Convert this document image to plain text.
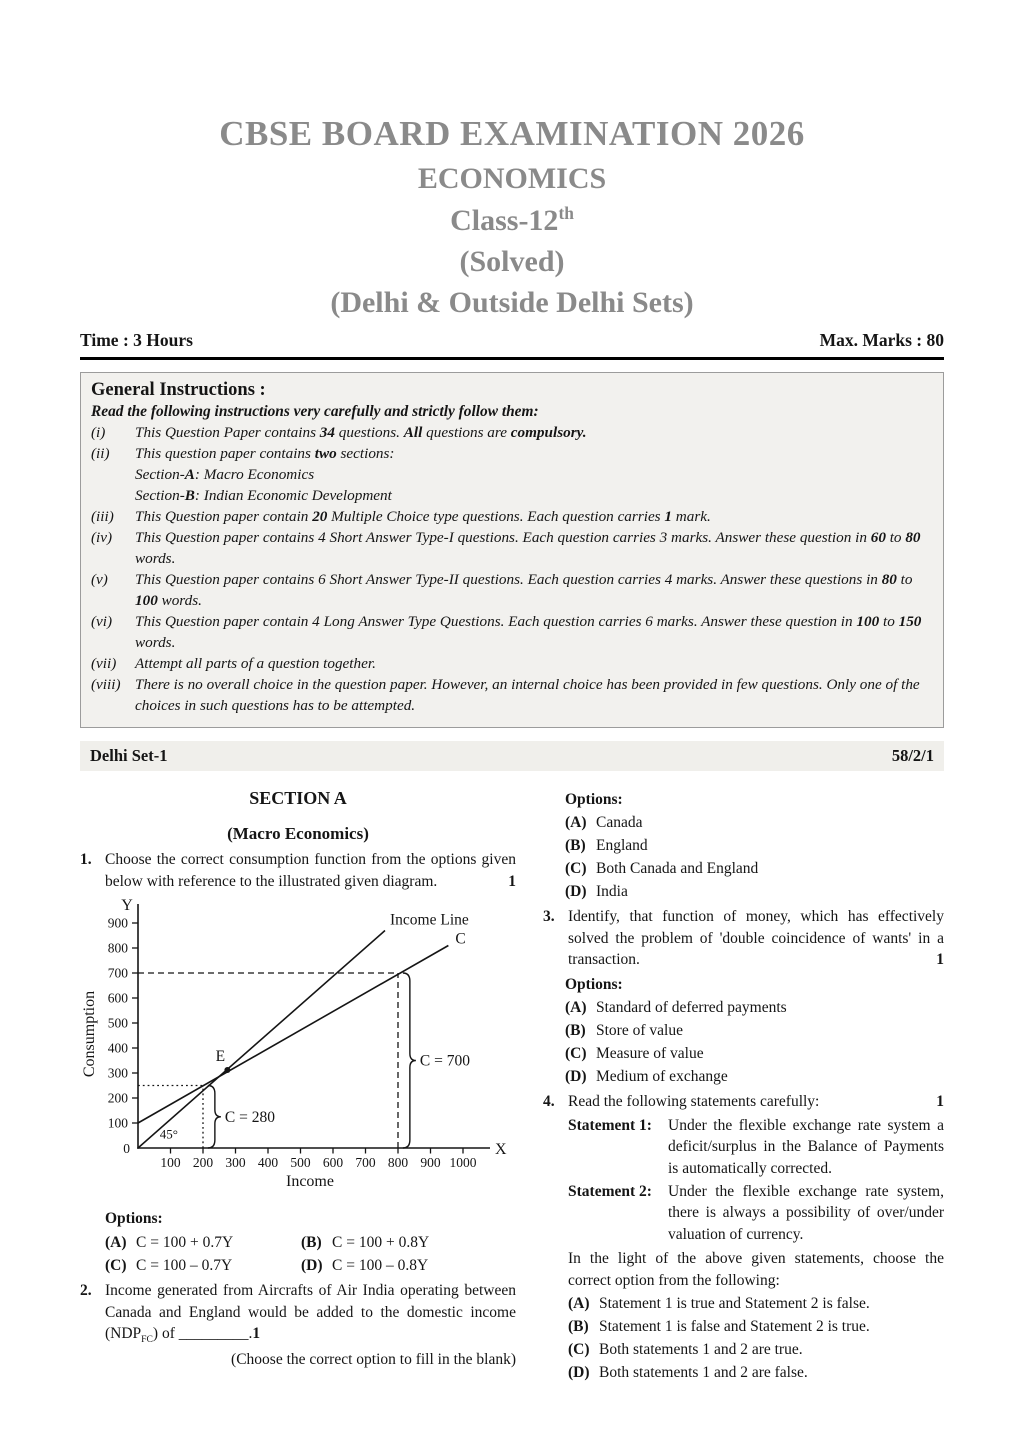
CBSE BOARD EXAMINATION 2026
ECONOMICS
Class-12th
(Solved)
(Delhi & Outside Delhi Sets)
Time : 3 Hours	Max. Marks : 80
General Instructions :
Read the following instructions very carefully and strictly follow them:
(i)	This Question Paper contains 34 questions. All questions are compulsory.
(ii)	This question paper contains two sections:
Section-A: Macro Economics
Section-B: Indian Economic Development
(iii)	This Question paper contain 20 Multiple Choice type questions. Each question carries 1 mark.
(iv)	This Question paper contains 4 Short Answer Type-I questions. Each question carries 3 marks. Answer these question in 60 to 80 words.
(v)	This Question paper contains 6 Short Answer Type-II questions. Each question carries 4 marks. Answer these questions in 80 to 100 words.
(vi)	This Question paper contain 4 Long Answer Type Questions. Each question carries 6 marks. Answer these question in 100 to 150 words.
(vii)	Attempt all parts of a question together.
(viii) There is no overall choice in the question paper. However, an internal choice has been provided in few questions. Only one of the choices in such questions has to be attempted.
Delhi Set-1	58/2/1
SECTION A
(Macro Economics)
1. Choose the correct consumption function from the options given below with reference to the illustrated given diagram.	1

Y
X
0
100
200
300
400
500
600
700
800
900
100 200 300 400 500 600 700 800 900 1000
Income
Consumption
Income Line
C
C = 280
C = 700
E
45°
Options:
(A) C = 100 + 0.7Y	(B) C = 100 + 0.8Y
(C) C = 100 – 0.7Y	(D) C = 100 – 0.8Y
2. Income generated from Aircrafts of Air India operating between Canada and England would be added to the domestic income $(NDP_{FC})$ of _________.1

(Choose the correct option to fill in the blank)

Options:
(A) Canada
(B) England
(C) Both Canada and England
(D) India
3. Identify, that function of money, which has effectively solved the problem of 'double coincidence of wants' in a transaction.	1

Options:
(A) Standard of deferred payments
(B) Store of value
(C) Measure of value
(D) Medium of exchange
4. Read the following statements carefully:	1

Statement 1:	Under the flexible exchange rate system a deficit/surplus in the Balance of Payments is automatically corrected.

Statement 2:	Under the flexible exchange rate system, there is always a possibility of over/under valuation of currency.

In the light of the above given statements, choose the correct option from the following:

(A) Statement 1 is true and Statement 2 is false.
(B) Statement 1 is false and Statement 2 is true.
(C) Both statements 1 and 2 are true.
(D) Both statements 1 and 2 are false.
